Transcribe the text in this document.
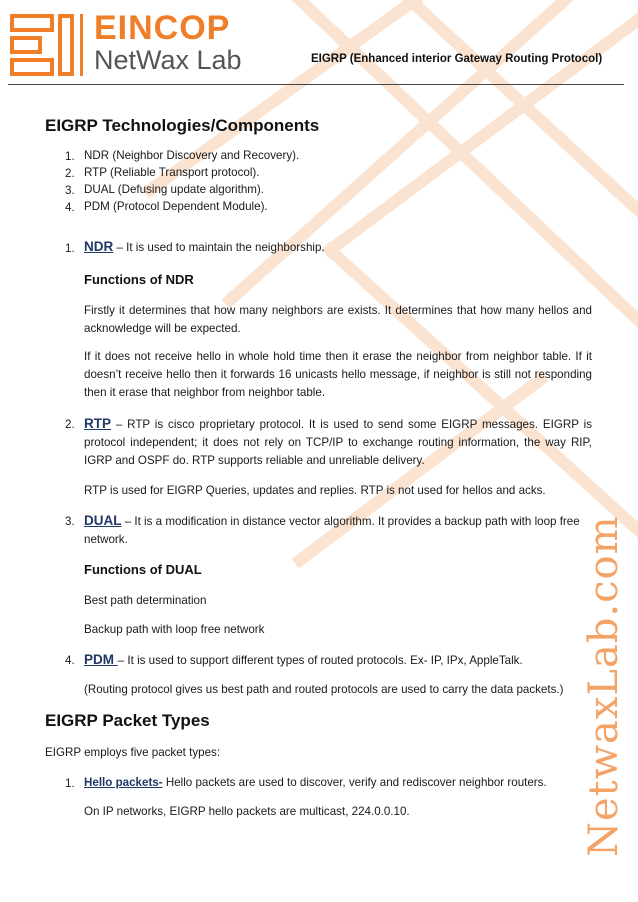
EINCOP
NetWax Lab	EIGRP (Enhanced interior Gateway Routing Protocol)
NetwaxLab.com
EIGRP Technologies/Components
1. NDR (Neighbor Discovery and Recovery).
2. RTP (Reliable Transport protocol).
3. DUAL (Defusing update algorithm).
4. PDM (Protocol Dependent Module).
1. NDR – It is used to maintain the neighborship.
Functions of NDR
Firstly it determines that how many neighbors are exists. It determines that how many hellos and acknowledge will be expected.
If it does not receive hello in whole hold time then it erase the neighbor from neighbor table. If it doesn’t receive hello then it forwards 16 unicasts hello message, if neighbor is still not responding then it erase that neighbor from neighbor table.
2. RTP – RTP is cisco proprietary protocol. It is used to send some EIGRP messages. EIGRP is protocol independent; it does not rely on TCP/IP to exchange routing information, the way RIP, IGRP and OSPF do. RTP supports reliable and unreliable delivery.
RTP is used for EIGRP Queries, updates and replies. RTP is not used for hellos and acks.
3. DUAL – It is a modification in distance vector algorithm. It provides a backup path with loop free network.
Functions of DUAL
Best path determination
Backup path with loop free network
4. PDM – It is used to support different types of routed protocols. Ex- IP, IPx, AppleTalk.
(Routing protocol gives us best path and routed protocols are used to carry the data packets.)
EIGRP Packet Types
EIGRP employs five packet types:
1. Hello packets- Hello packets are used to discover, verify and rediscover neighbor routers.
On IP networks, EIGRP hello packets are multicast, 224.0.0.10.
